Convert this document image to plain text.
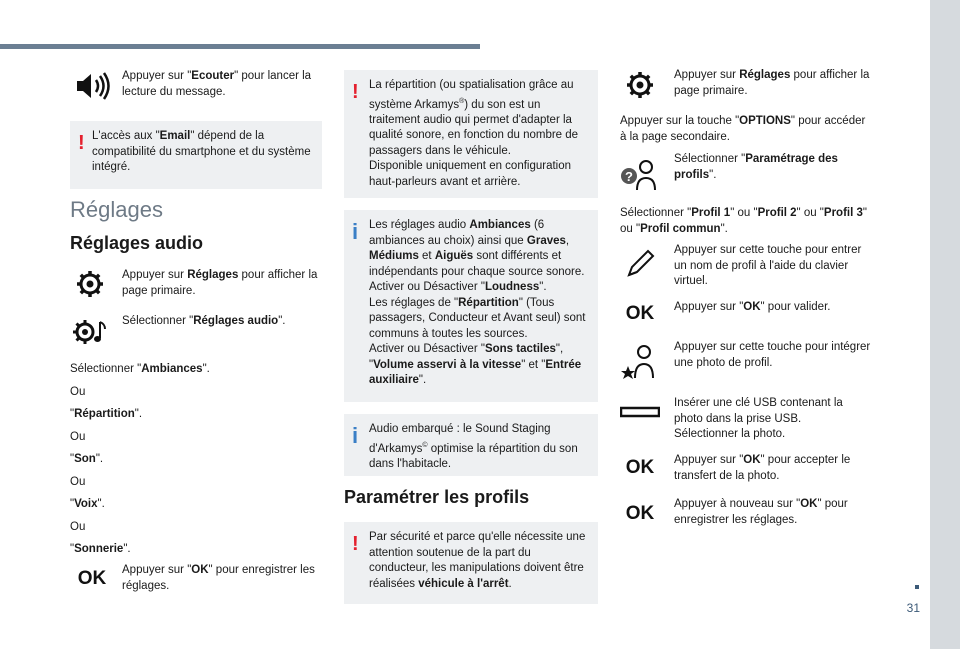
31
Appuyer sur "Ecouter" pour lancer la lecture du message.
! L'accès aux "Email" dépend de la compatibilité du smartphone et du système intégré.
Réglages
Réglages audio
Appuyer sur Réglages pour afficher la page primaire.
Sélectionner "Réglages audio".

Sélectionner "Ambiances".

Ou

"Répartition".

Ou

"Son".

Ou

"Voix".

Ou

"Sonnerie".

OK	Appuyer sur "OK" pour enregistrer les réglages.
! La répartition (ou spatialisation grâce au système Arkamys®) du son est un traitement audio qui permet d'adapter la qualité sonore, en fonction du nombre de passagers dans le véhicule.

Disponible uniquement en configuration haut-parleurs avant et arrière.

i Les réglages audio Ambiances (6 ambiances au choix) ainsi que Graves, Médiums et Aiguës sont différents et indépendants pour chaque source sonore.

Activer ou Désactiver "Loudness".

Les réglages de "Répartition" (Tous passagers, Conducteur et Avant seul) sont communs à toutes les sources.

Activer ou Désactiver "Sons tactiles", "Volume asservi à la vitesse" et "Entrée auxiliaire".

i Audio embarqué : le Sound Staging d'Arkamys© optimise la répartition du son dans l'habitacle.

Paramétrer les profils
! Par sécurité et parce qu'elle nécessite une attention soutenue de la part du conducteur, les manipulations doivent être réalisées véhicule à l'arrêt.
Appuyer sur Réglages pour afficher la page primaire.
Appuyer sur la touche "OPTIONS" pour accéder à la page secondaire.
?
Sélectionner "Paramétrage des profils".
Sélectionner "Profil 1" ou "Profil 2" ou "Profil 3" ou "Profil commun".
Appuyer sur cette touche pour entrer un nom de profil à l'aide du clavier virtuel.
OK	Appuyer sur "OK" pour valider.
Appuyer sur cette touche pour intégrer une photo de profil.

Insérer une clé USB contenant la photo dans la prise USB.

Sélectionner la photo.

OK	Appuyer sur "OK" pour accepter le transfert de la photo.
OK	Appuyer à nouveau sur "OK" pour enregistrer les réglages.
